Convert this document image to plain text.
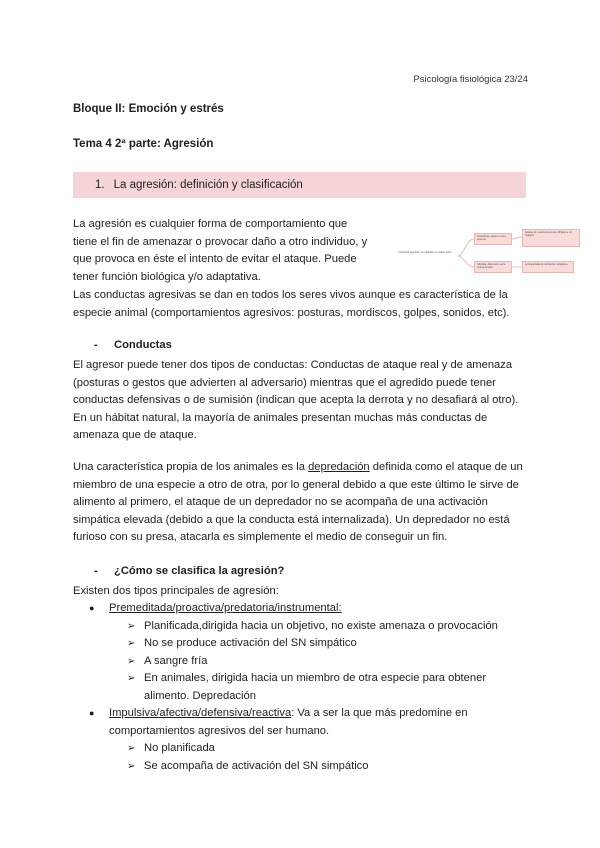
Psicología fisiológica 23/24
Bloque II: Emoción y estrés
Tema 4 2ª parte: Agresión
1. La agresión: definición y clasificación

La agresión es cualquier forma de comportamiento que tiene el fin de amenazar o provocar daño a otro individuo, y que provoca en éste el intento de evitar el ataque. Puede tener función biológica y/o adaptativa.

Conducta agresiva: se clasifica en varias tipos
Predatoria: ataque a otra especie
Afectiva: defensiva, ante una amenaza
ataque sin amenaza previa, dirigido a un objetivo
acompañada de activación simpática

Las conductas agresivas se dan en todos los seres vivos aunque es característica de la especie animal (comportamientos agresivos: posturas, mordiscos, golpes, sonidos, etc).

- Conductas

El agresor puede tener dos tipos de conductas: Conductas de ataque real y de amenaza (posturas o gestos que advierten al adversario) mientras que el agredido puede tener conductas defensivas o de sumisión (indican que acepta la derrota y no desafiará al otro). En un hábitat natural, la mayoría de animales presentan muchas más conductas de amenaza que de ataque.

Una característica propia de los animales es la depredación definida como el ataque de un miembro de una especie a otro de otra, por lo general debido a que este último le sirve de alimento al primero, el ataque de un depredador no se acompaña de una activación simpática elevada (debido a que la conducta está internalizada). Un depredador no está furioso con su presa, atacarla es simplemente el medio de conseguir un fin.

- ¿Cómo se clasifica la agresión?

Existen dos tipos principales de agresión:

● Premeditada/proactiva/predatoria/instrumental:
➢ Planificada,dirigida hacia un objetivo, no existe amenaza o provocación
➢ No se produce activación del SN simpático
➢ A sangre fría
➢ En animales, dirigida hacia un miembro de otra especie para obtener
alimento. Depredación
● Impulsiva/afectiva/defensiva/reactiva: Va a ser la que más predomine en comportamientos agresivos del ser humano.
➢ No planificada
➢ Se acompaña de activación del SN simpático
